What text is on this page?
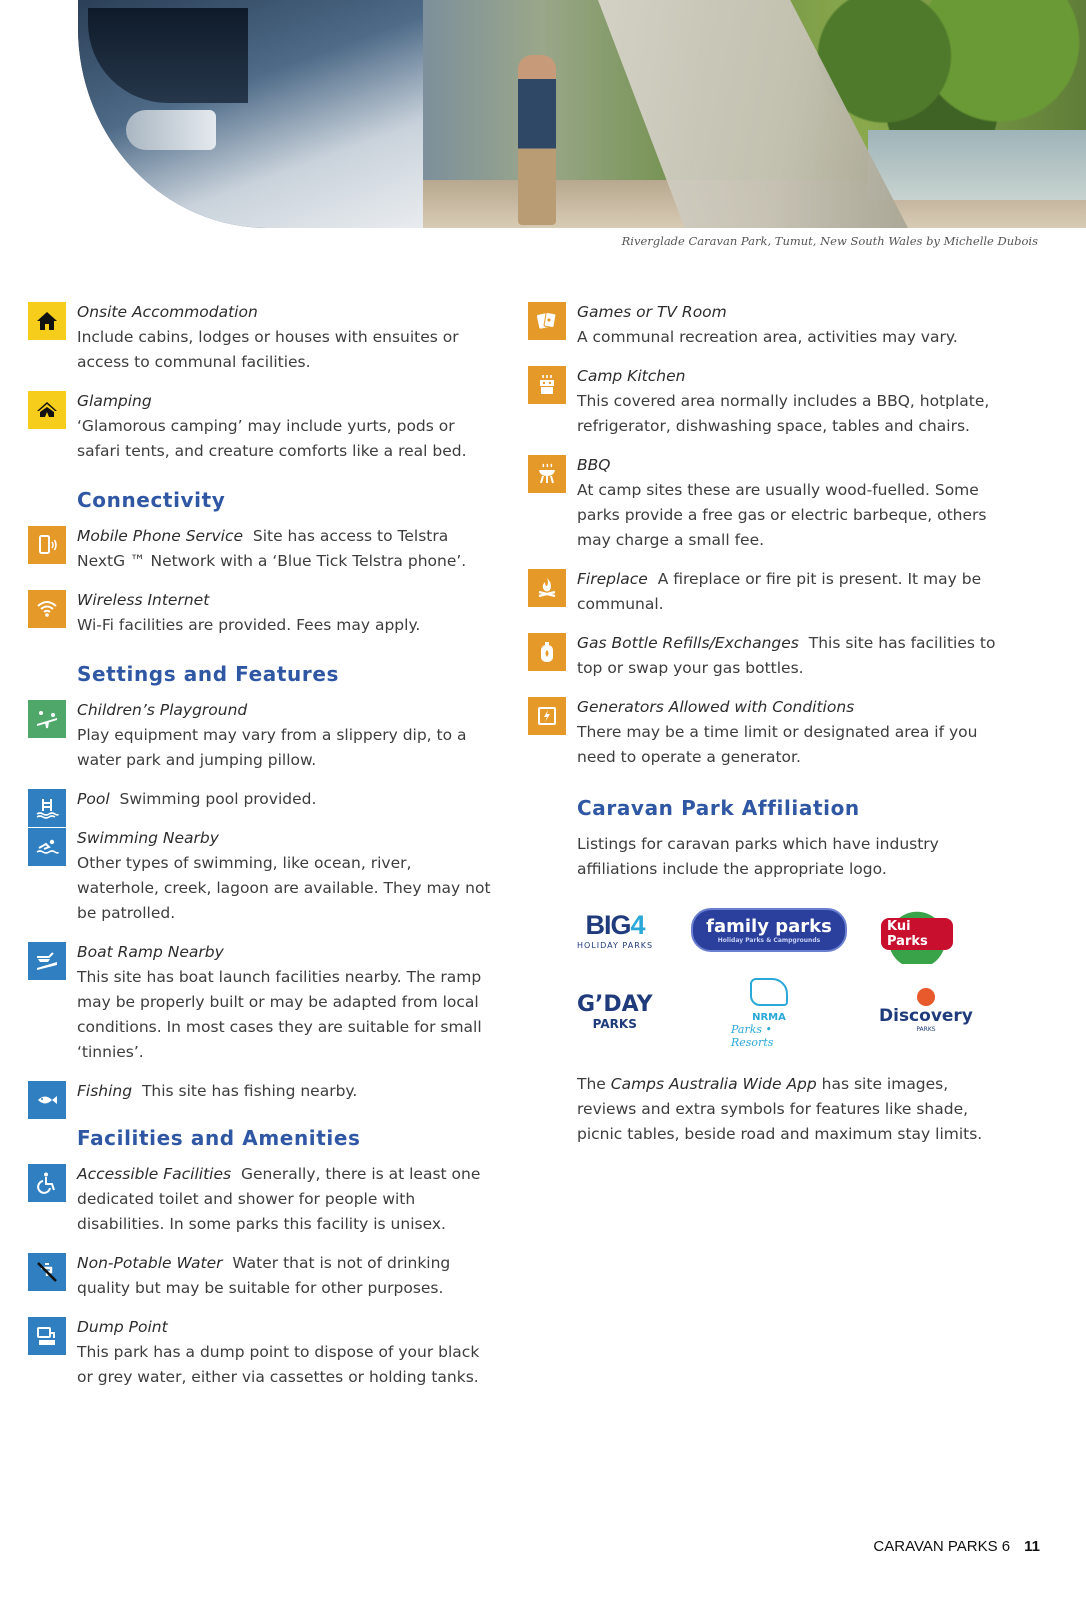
Riverglade Caravan Park, Tumut, New South Wales by Michelle Dubois
Onsite Accommodation
Include cabins, lodges or houses with ensuites or access to communal facilities.
Glamping
‘Glamorous camping’ may include yurts, pods or safari tents, and creature comforts like a real bed.
Connectivity
Mobile Phone Service Site has access to Telstra NextG ™ Network with a ‘Blue Tick Telstra phone’.
Wireless Internet
Wi-Fi facilities are provided. Fees may apply.
Settings and Features
Children’s Playground
Play equipment may vary from a slippery dip, to a water park and jumping pillow.
Pool Swimming pool provided.
Swimming Nearby
Other types of swimming, like ocean, river, waterhole, creek, lagoon are available. They may not be patrolled.
Boat Ramp Nearby
This site has boat launch facilities nearby. The ramp may be properly built or may be adapted from local conditions. In most cases they are suitable for small ‘tinnies’.
Fishing This site has fishing nearby.
Facilities and Amenities
Accessible Facilities Generally, there is at least one dedicated toilet and shower for people with disabilities. In some parks this facility is unisex.
Non-Potable Water Water that is not of drinking quality but may be suitable for other purposes.
Dump Point
This park has a dump point to dispose of your black or grey water, either via cassettes or holding tanks.
Games or TV Room
A communal recreation area, activities may vary.
Camp Kitchen
This covered area normally includes a BBQ, hotplate, refrigerator, dishwashing space, tables and chairs.
BBQ
At camp sites these are usually wood-fuelled. Some parks provide a free gas or electric barbeque, others may charge a small fee.
Fireplace A fireplace or fire pit is present. It may be communal.
Gas Bottle Refills/Exchanges This site has facilities to top or swap your gas bottles.
Generators Allowed with Conditions
There may be a time limit or designated area if you need to operate a generator.
Caravan Park Affiliation
Listings for caravan parks which have industry affiliations include the appropriate logo.
BIG4
HOLIDAY PARKS
family parks
Holiday Parks & Campgrounds
Kui Parks
G’DAY
PARKS	NRMA
Parks • Resorts
Discovery
PARKS
The Camps Australia Wide App has site images, reviews and extra symbols for features like shade, picnic tables, beside road and maximum stay limits.
CARAVAN PARKS 6 11
